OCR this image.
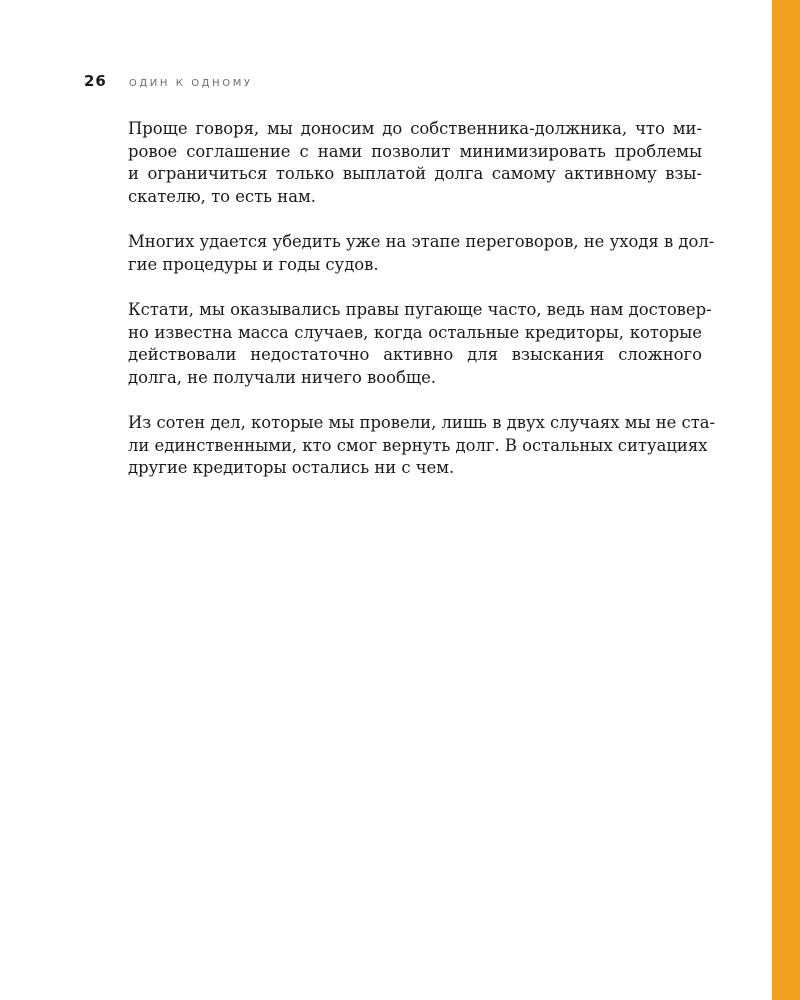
26 ОДИН К ОДНОМУ

Проще говоря, мы доносим до собственника-должника, что ми-
ровое соглашение с нами позволит минимизировать проблемы
и ограничиться только выплатой долга самому активному взы-
скателю, то есть нам.

Многих удается убедить уже на этапе переговоров, не уходя в дол-
гие процедуры и годы судов.

Кстати, мы оказывались правы пугающе часто, ведь нам достовер-
но известна масса случаев, когда остальные кредиторы, которые
действовали недостаточно активно для взыскания сложного
долга, не получали ничего вообще.

Из сотен дел, которые мы провели, лишь в двух случаях мы не ста-
ли единственными, кто смог вернуть долг. В остальных ситуациях
другие кредиторы остались ни с чем.
